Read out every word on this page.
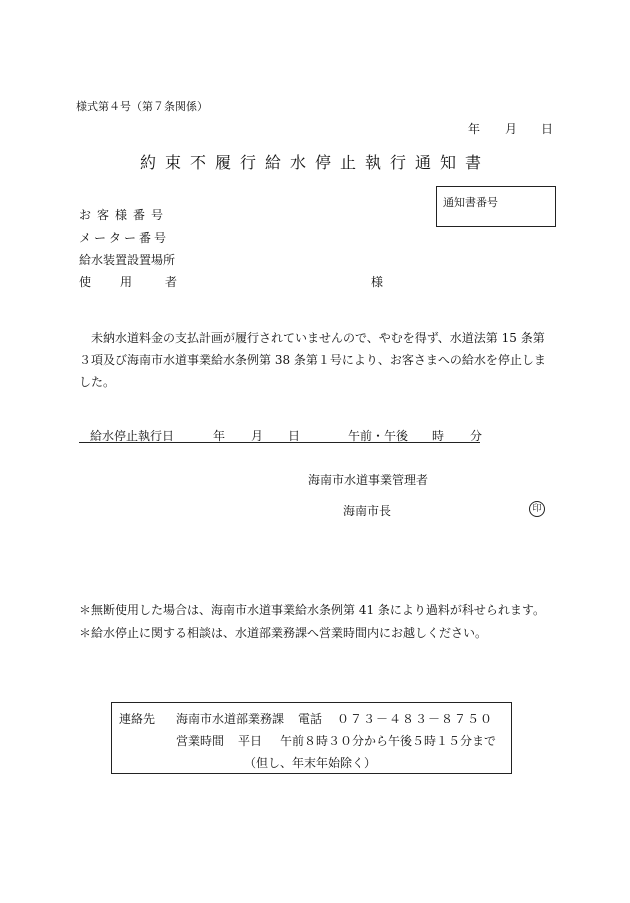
様式第４号（第７条関係）
年 月 日
約束不履行給水停止執行通知書
通知書番号
お客様番号
メーター番号
給水装置設置場所
使 用	者	様
未納水道料金の支払計画が履行されていませんので、やむを得ず、水道法第 15 条第３項及び海南市水道事業給水条例第 38 条第１号により、お客さまへの給水を停止しました。
給水停止執行日	年 月 日	午前・午後 時 分
海南市水道事業管理者
海南市長	印
＊無断使用した場合は、海南市水道事業給水条例第 41 条により過料が科せられます。
＊給水停止に関する相談は、水道部業務課へ営業時間内にお越しください。
連絡先 海南市水道部業務課 電話 ０７３－４８３－８７５０
営業時間 平日 午前８時３０分から午後５時１５分まで
（但し、年末年始除く）
